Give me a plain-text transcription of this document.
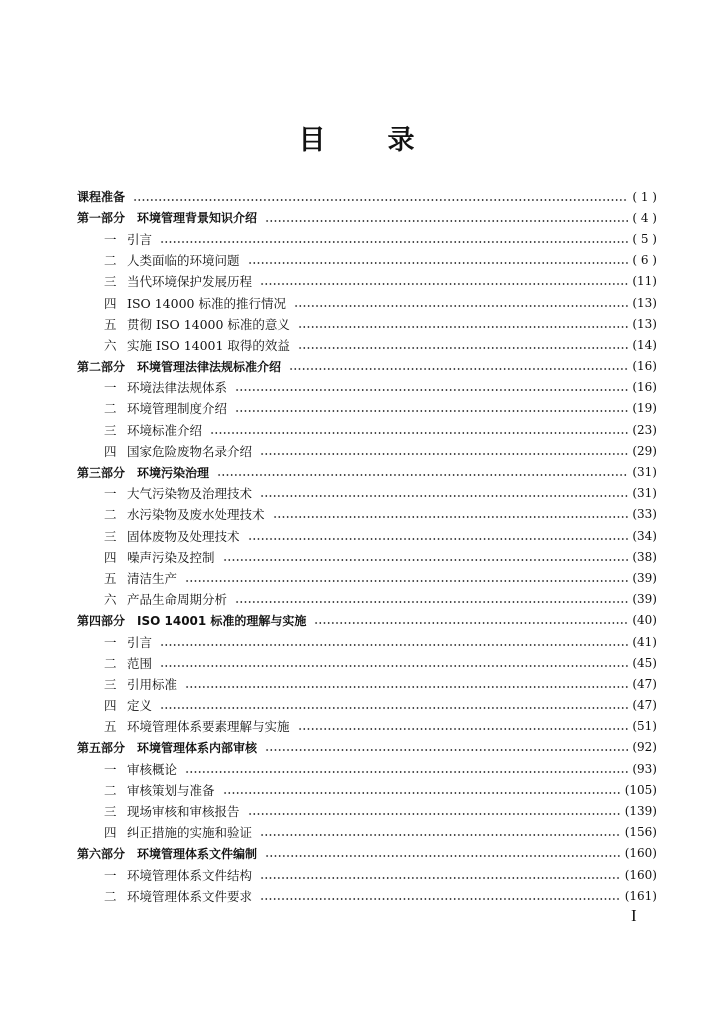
目 录
课程准备	( 1 )
第一部分 环境管理背景知识介绍	( 4 )
一 引言	( 5 )
二 人类面临的环境问题	( 6 )
三 当代环境保护发展历程	(11)
四 ISO 14000 标准的推行情况	(13)
五 贯彻 ISO 14000 标准的意义	(13)
六 实施 ISO 14001 取得的效益	(14)
第二部分 环境管理法律法规标准介绍	(16)
一 环境法律法规体系	(16)
二 环境管理制度介绍	(19)
三 环境标准介绍	(23)
四 国家危险废物名录介绍	(29)
第三部分 环境污染治理	(31)
一 大气污染物及治理技术	(31)
二 水污染物及废水处理技术	(33)
三 固体废物及处理技术	(34)
四 噪声污染及控制	(38)
五 清洁生产	(39)
六 产品生命周期分析	(39)
第四部分 ISO 14001 标准的理解与实施	(40)
一 引言	(41)
二 范围	(45)
三 引用标准	(47)
四 定义	(47)
五 环境管理体系要素理解与实施	(51)
第五部分 环境管理体系内部审核	(92)
一 审核概论	(93)
二 审核策划与准备	(105)
三 现场审核和审核报告	(139)
四 纠正措施的实施和验证	(156)
第六部分 环境管理体系文件编制	(160)
一 环境管理体系文件结构	(160)
二 环境管理体系文件要求	(161)
I
